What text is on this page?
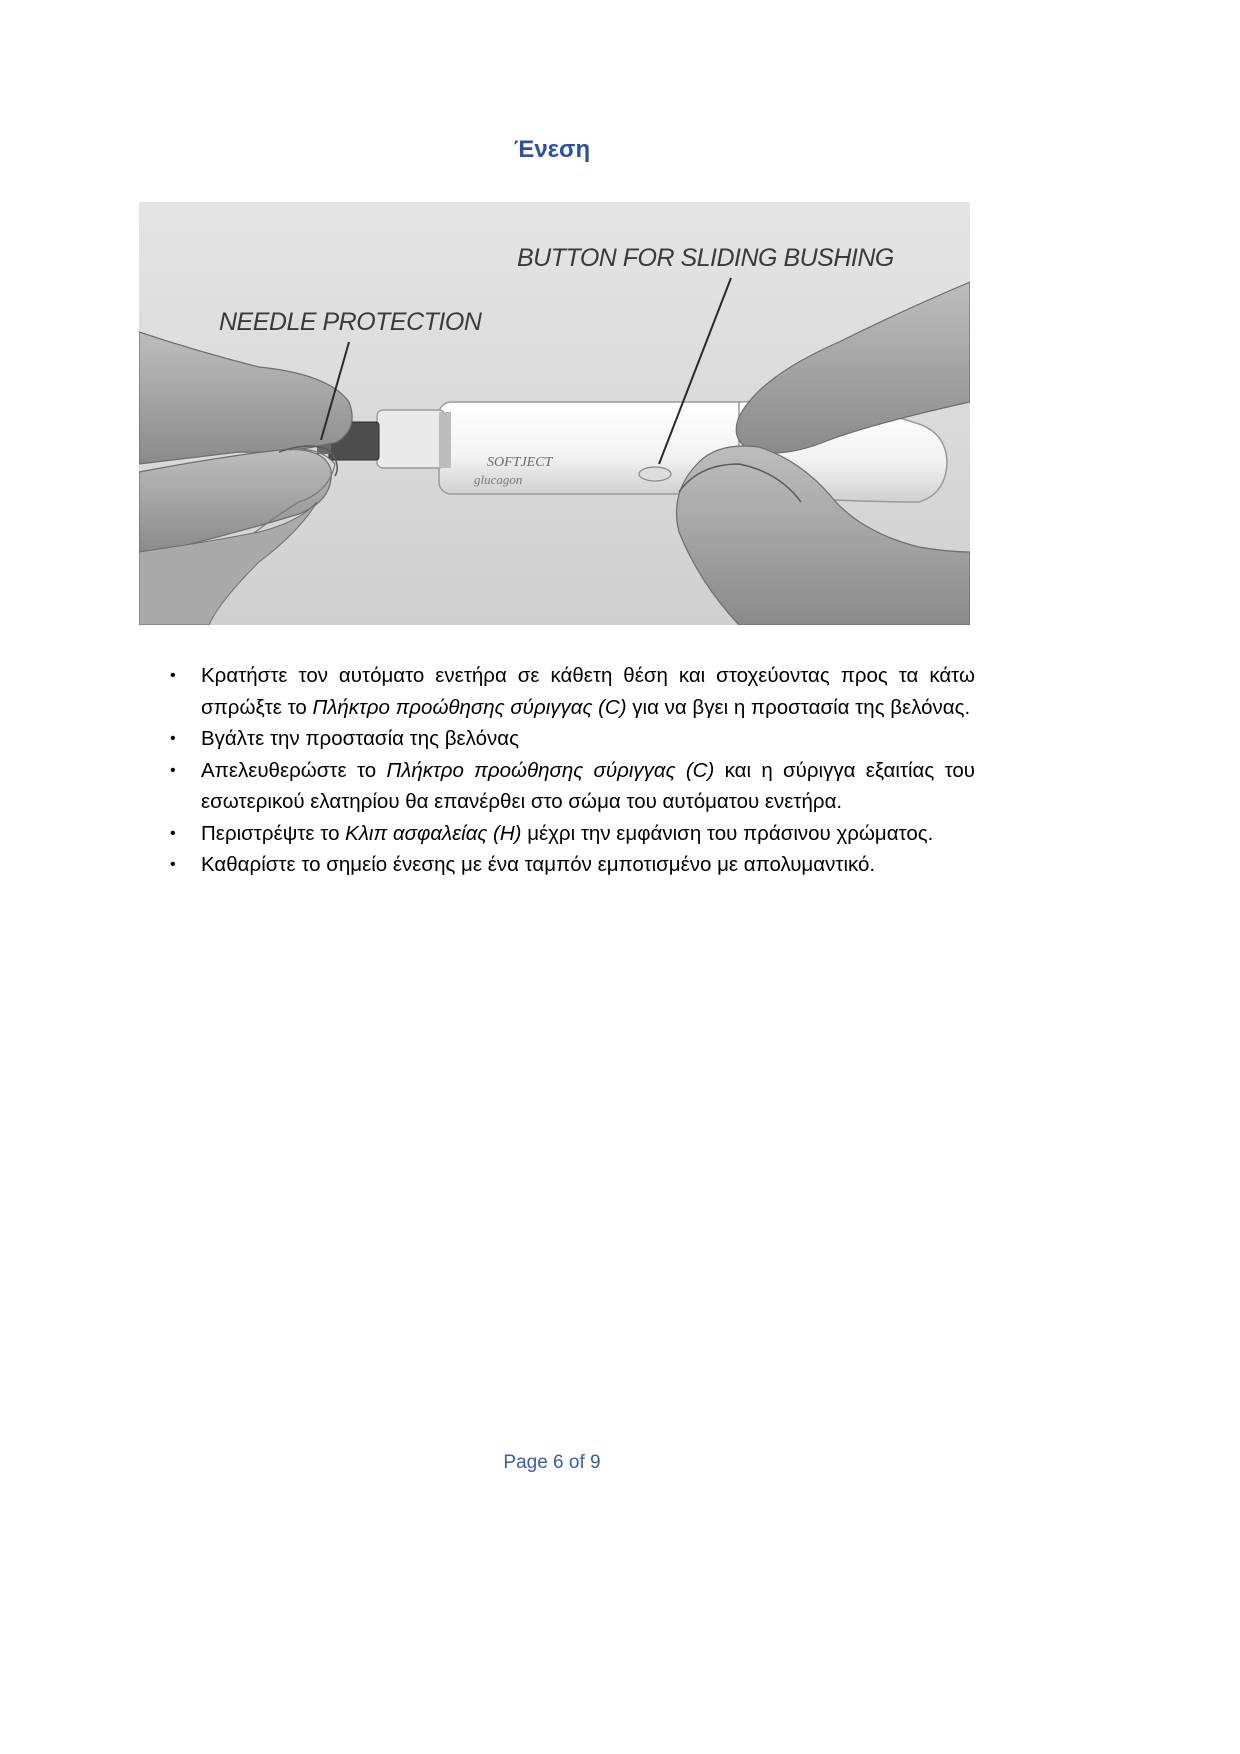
Ένεση
SOFTJECT
glucagon
BUTTON FOR SLIDING BUSHING
NEEDLE PROTECTION
• Κρατήστε τον αυτόματο ενετήρα σε κάθετη θέση και στοχεύοντας προς τα κάτω σπρώξτε το Πλήκτρο προώθησης σύριγγας (C) για να βγει η προστασία της βελόνας.
• Βγάλτε την προστασία της βελόνας
• Απελευθερώστε το Πλήκτρο προώθησης σύριγγας (C) και η σύριγγα εξαιτίας του εσωτερικού ελατηρίου θα επανέρθει στο σώμα του αυτόματου ενετήρα.
• Περιστρέψτε το Κλιπ ασφαλείας (H) μέχρι την εμφάνιση του πράσινου χρώματος.
• Καθαρίστε το σημείο ένεσης με ένα ταμπόν εμποτισμένο με απολυμαντικό.
Page 6 of 9
